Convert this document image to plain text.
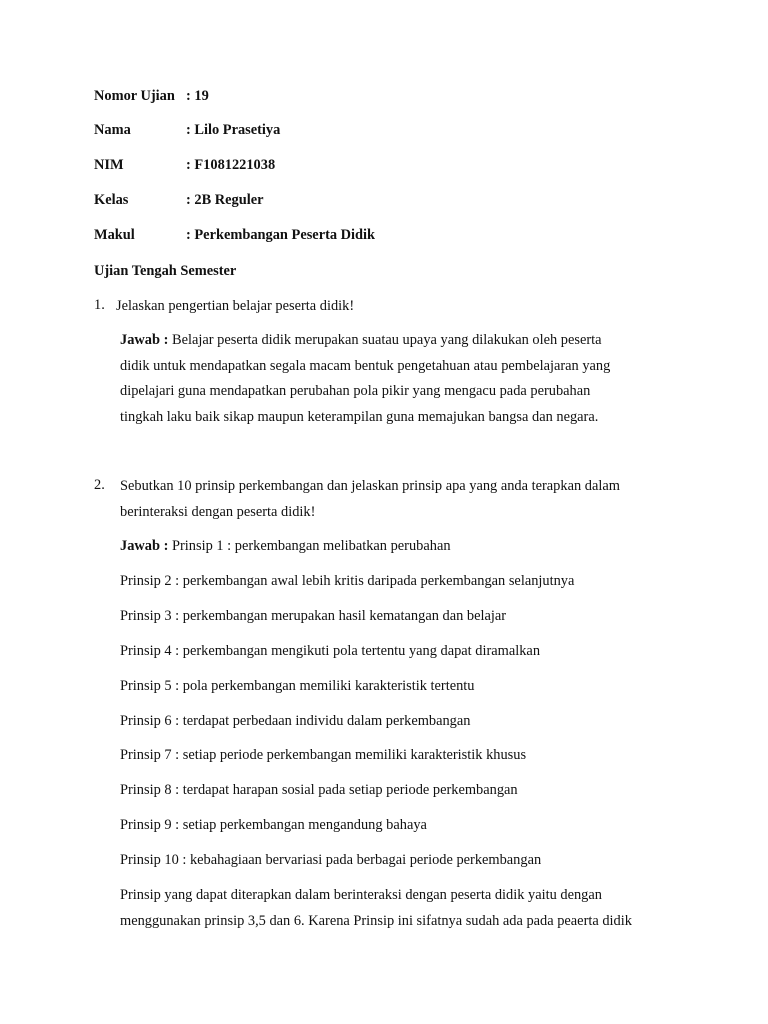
Nomor Ujian : 19
Nama	: Lilo Prasetiya
NIM	: F1081221038
Kelas	: 2B Reguler
Makul	: Perkembangan Peserta Didik
Ujian Tengah Semester
1. Jelaskan pengertian belajar peserta didik!
Jawab : Belajar peserta didik merupakan suatau upaya yang dilakukan oleh peserta
didik untuk mendapatkan segala macam bentuk pengetahuan atau pembelajaran yang
dipelajari guna mendapatkan perubahan pola pikir yang mengacu pada perubahan
tingkah laku baik sikap maupun keterampilan guna memajukan bangsa dan negara.
2. Sebutkan 10 prinsip perkembangan dan jelaskan prinsip apa yang anda terapkan dalam
berinteraksi dengan peserta didik!
Jawab : Prinsip 1 : perkembangan melibatkan perubahan
Prinsip 2 : perkembangan awal lebih kritis daripada perkembangan selanjutnya
Prinsip 3 : perkembangan merupakan hasil kematangan dan belajar
Prinsip 4 : perkembangan mengikuti pola tertentu yang dapat diramalkan
Prinsip 5 : pola perkembangan memiliki karakteristik tertentu
Prinsip 6 : terdapat perbedaan individu dalam perkembangan
Prinsip 7 : setiap periode perkembangan memiliki karakteristik khusus
Prinsip 8 : terdapat harapan sosial pada setiap periode perkembangan
Prinsip 9 : setiap perkembangan mengandung bahaya
Prinsip 10 : kebahagiaan bervariasi pada berbagai periode perkembangan
Prinsip yang dapat diterapkan dalam berinteraksi dengan peserta didik yaitu dengan
menggunakan prinsip 3,5 dan 6. Karena Prinsip ini sifatnya sudah ada pada peaerta didik
